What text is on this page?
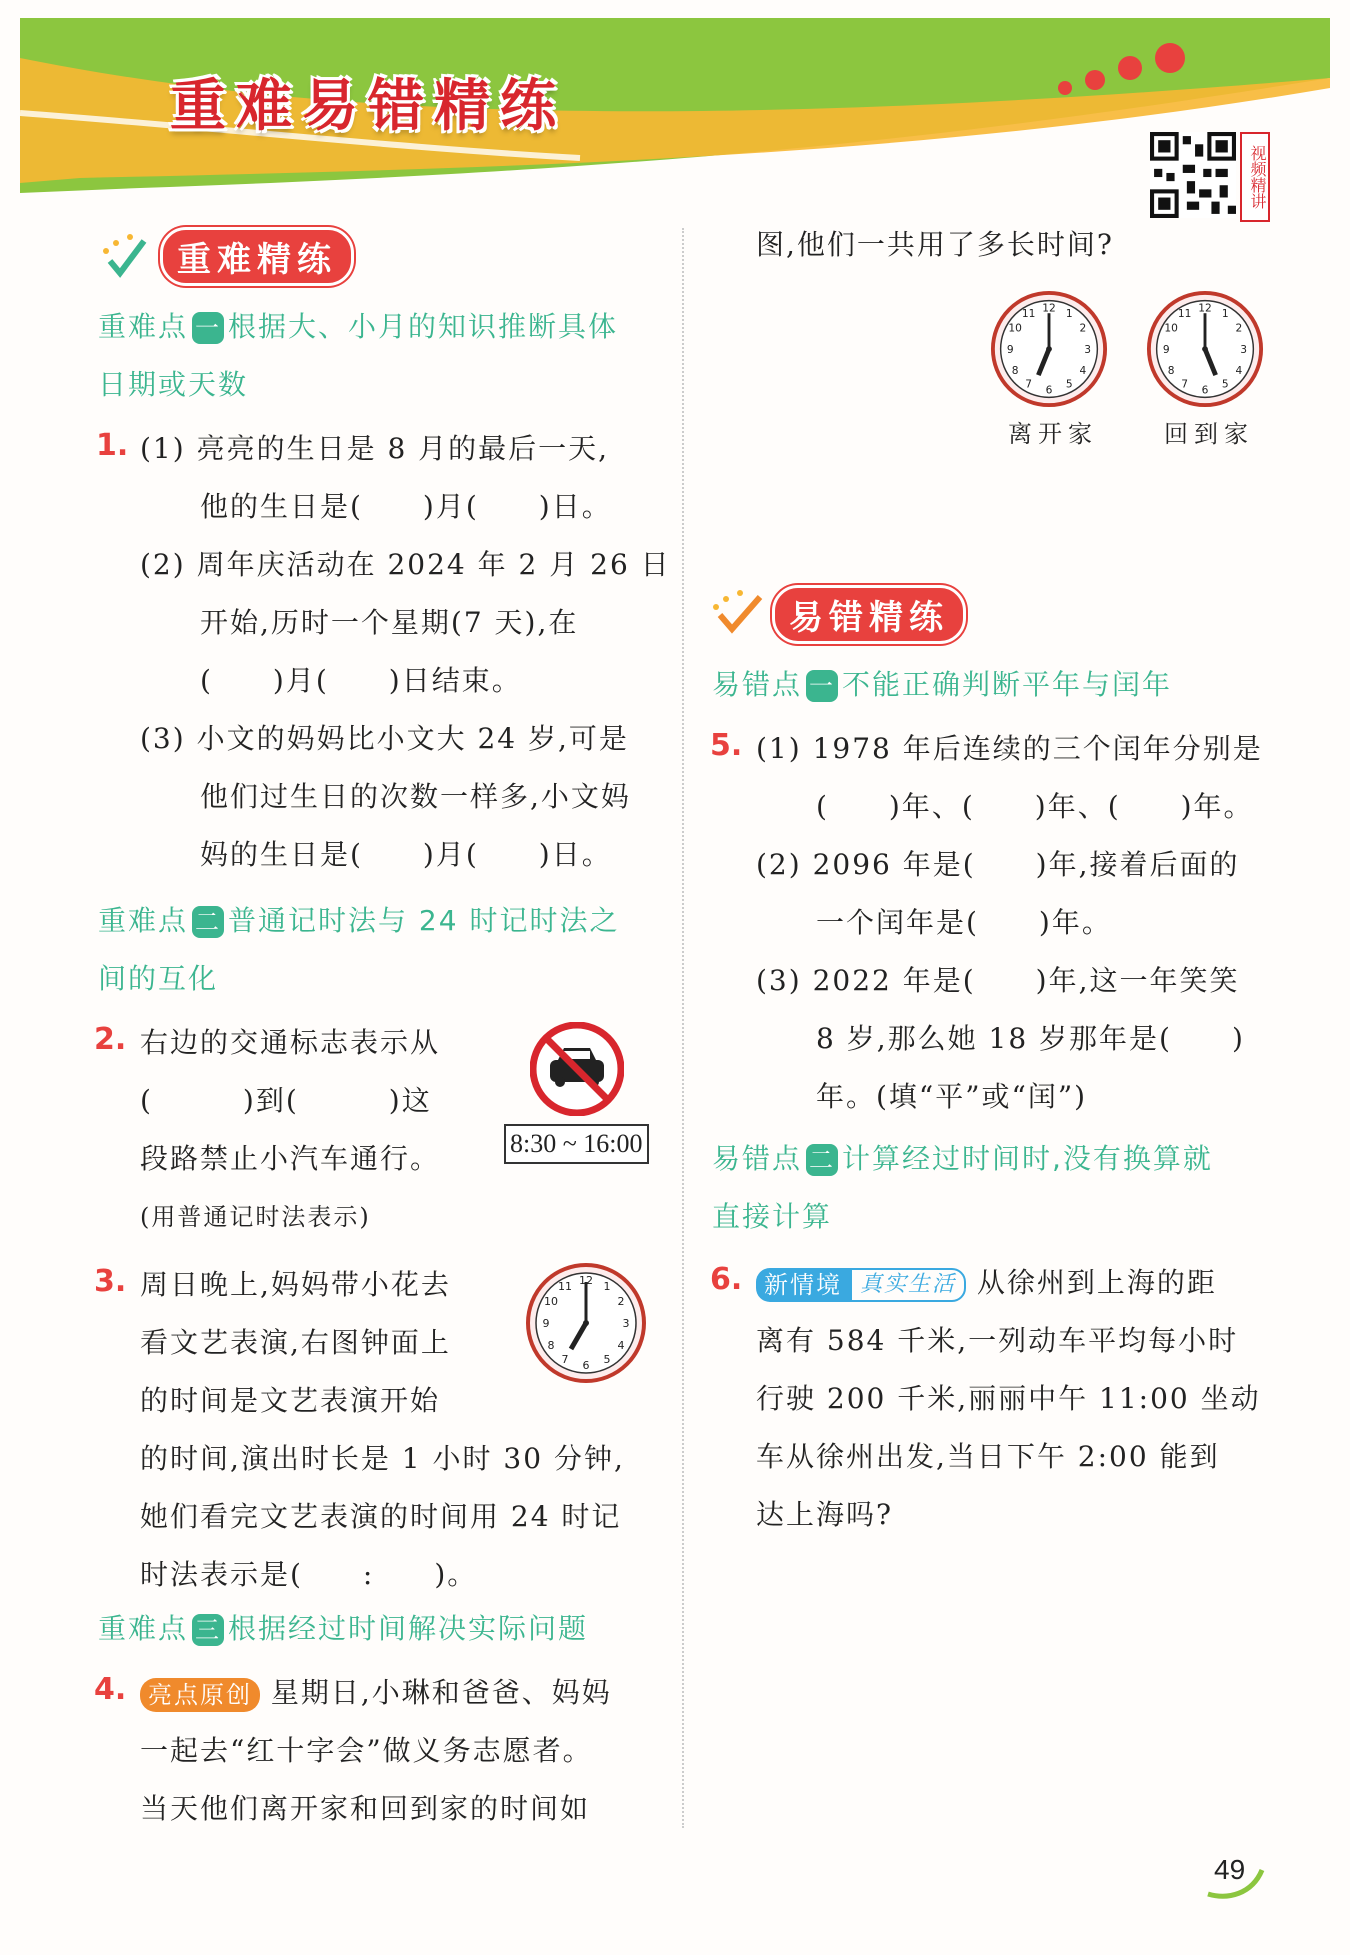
重难易错精练
视频精讲
重难精练
重难点 一 根据大、小月的知识推断具体
日期或天数
1. (1) 亮亮的生日是 8 月的最后一天,
他的生日是(　　)月(　　)日。
(2) 周年庆活动在 2024 年 2 月 26 日
开始,历时一个星期(7 天),在
(　　)月(　　)日结束。
(3) 小文的妈妈比小文大 24 岁,可是
他们过生日的次数一样多,小文妈
妈的生日是(　　)月(　　)日。
重难点 二 普通记时法与 24 时记时法之
间的互化
2. 右边的交通标志表示从
(　　　)到(　　　)这
段路禁止小汽车通行。
(用普通记时法表示)
8:30 ~ 16:00
3. 周日晚上,妈妈带小花去
看文艺表演,右图钟面上
的时间是文艺表演开始
的时间,演出时长是 1 小时 30 分钟,
她们看完文艺表演的时间用 24 时记
时法表示是(　　:　　)。
12 1
2
3
4
5
6
7
8
9
10
11
重难点 三 根据经过时间解决实际问题
4. 亮点原创 星期日,小琳和爸爸、妈妈
一起去“红十字会”做义务志愿者。
当天他们离开家和回到家的时间如
图,他们一共用了多长时间?
12 1
2
3
4
5
6
7
8
9
10
11
离开家
12 1
2
3
4
5
6
7
8
9
10
11
回到家
易错精练
易错点 一 不能正确判断平年与闰年
5. (1) 1978 年后连续的三个闰年分别是
(　　)年、(　　)年、(　　)年。
(2) 2096 年是(　　)年,接着后面的
一个闰年是(　　)年。
(3) 2022 年是(　　)年,这一年笑笑
8 岁,那么她 18 岁那年是(　　)
年。(填“平”或“闰”)
易错点 二 计算经过时间时,没有换算就
直接计算
6. 新情境 真实生活 从徐州到上海的距
离有 584 千米,一列动车平均每小时
行驶 200 千米,丽丽中午 11:00 坐动
车从徐州出发,当日下午 2:00 能到
达上海吗?
49
